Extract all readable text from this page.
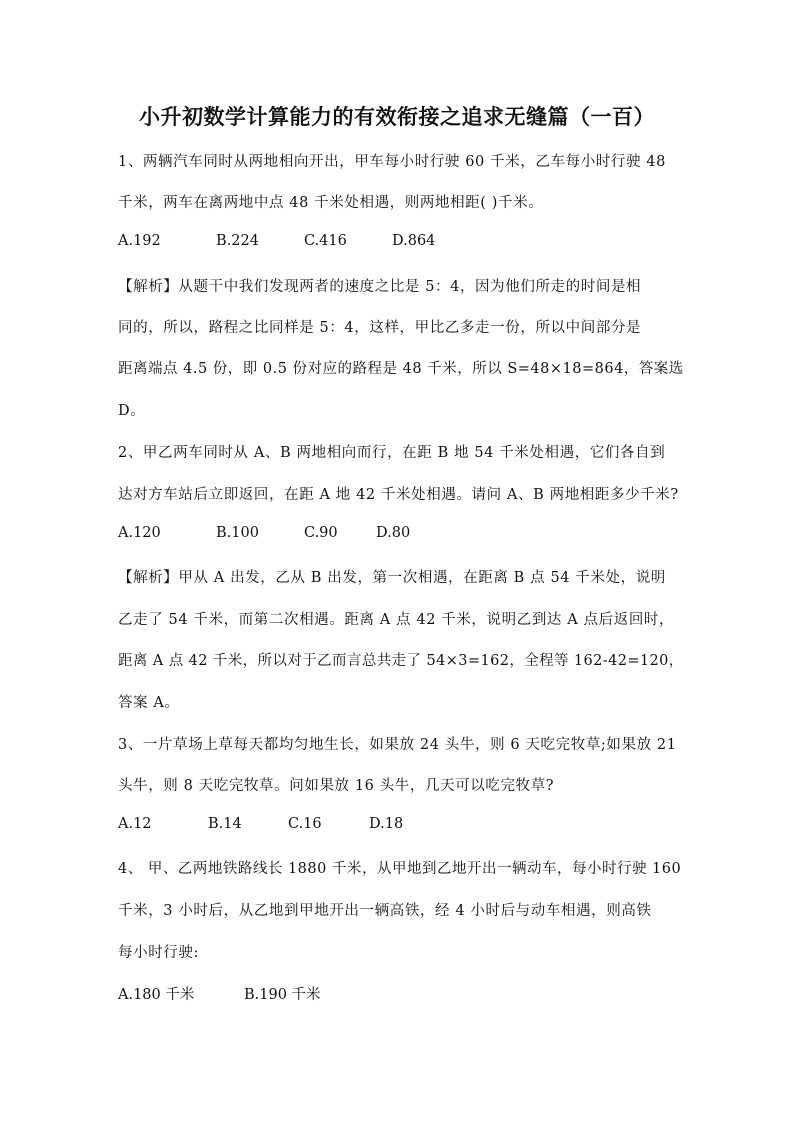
小升初数学计算能力的有效衔接之追求无缝篇（一百）
1、两辆汽车同时从两地相向开出，甲车每小时行驶 60 千米，乙车每小时行驶 48
千米，两车在离两地中点 48 千米处相遇，则两地相距( )千米。
A.192	B.224	C.416	D.864
【解析】从题干中我们发现两者的速度之比是 5：4，因为他们所走的时间是相
同的，所以，路程之比同样是 5：4，这样，甲比乙多走一份，所以中间部分是
距离端点 4.5 份，即 0.5 份对应的路程是 48 千米，所以 S=48×18=864，答案选
D。
2、甲乙两车同时从 A、B 两地相向而行，在距 B 地 54 千米处相遇，它们各自到
达对方车站后立即返回，在距 A 地 42 千米处相遇。请问 A、B 两地相距多少千米?
A.120	B.100	C.90	D.80
【解析】甲从 A 出发，乙从 B 出发，第一次相遇，在距离 B 点 54 千米处，说明
乙走了 54 千米，而第二次相遇。距离 A 点 42 千米，说明乙到达 A 点后返回时，
距离 A 点 42 千米，所以对于乙而言总共走了 54×3=162，全程等 162-42=120，
答案 A。
3、一片草场上草每天都均匀地生长，如果放 24 头牛，则 6 天吃完牧草;如果放 21
头牛，则 8 天吃完牧草。问如果放 16 头牛，几天可以吃完牧草?
A.12	B.14	C.16	D.18
4、 甲、乙两地铁路线长 1880 千米，从甲地到乙地开出一辆动车，每小时行驶 160
千米，3 小时后，从乙地到甲地开出一辆高铁，经 4 小时后与动车相遇，则高铁
每小时行驶:
A.180 千米	B.190 千米
